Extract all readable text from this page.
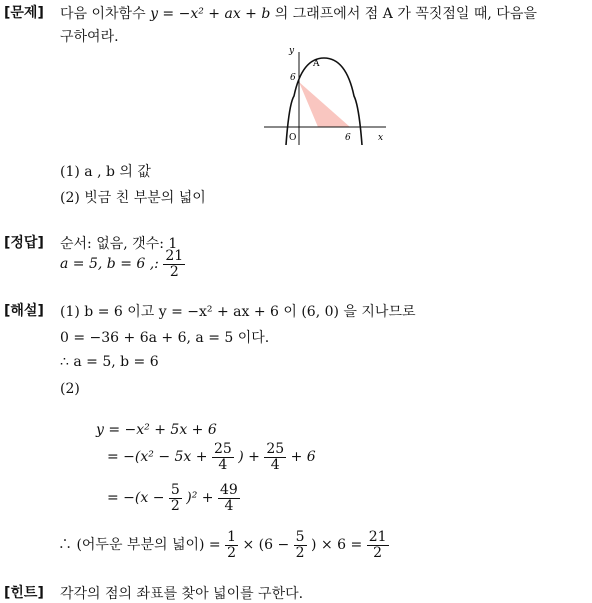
[문제] 다음 이차함수 y = −x² + ax + b 의 그래프에서 점 A 가 꼭짓점일 때, 다음을
구하여라.
y
x
O
A
6
6
(1) a , b 의 값
(2) 빗금 친 부분의 넓이
[정답] 순서: 없음, 갯수: 1
a = 5, b = 6 ,: $\frac{21}{2}$
[해설] (1) b = 6 이고 y = −x² + ax + 6 이 (6, 0) 을 지나므로
0 = −36 + 6a + 6, a = 5 이다.
∴ a = 5, b = 6
(2)
y = −x² + 5x + 6
= $-(x^2 - 5x + \frac{25}{4}$ ) + $\frac{25}{4} + 6$
= $-(x - \frac{5}{2} )^2 + \frac{49}{4}$
∴ (어두운 부분의 넓이) = $\frac{1}{2} \times (6 - \frac{5}{2}$ ) × $6 = \frac{21}{2}$
[힌트] 각각의 점의 좌표를 찾아 넓이를 구한다.
